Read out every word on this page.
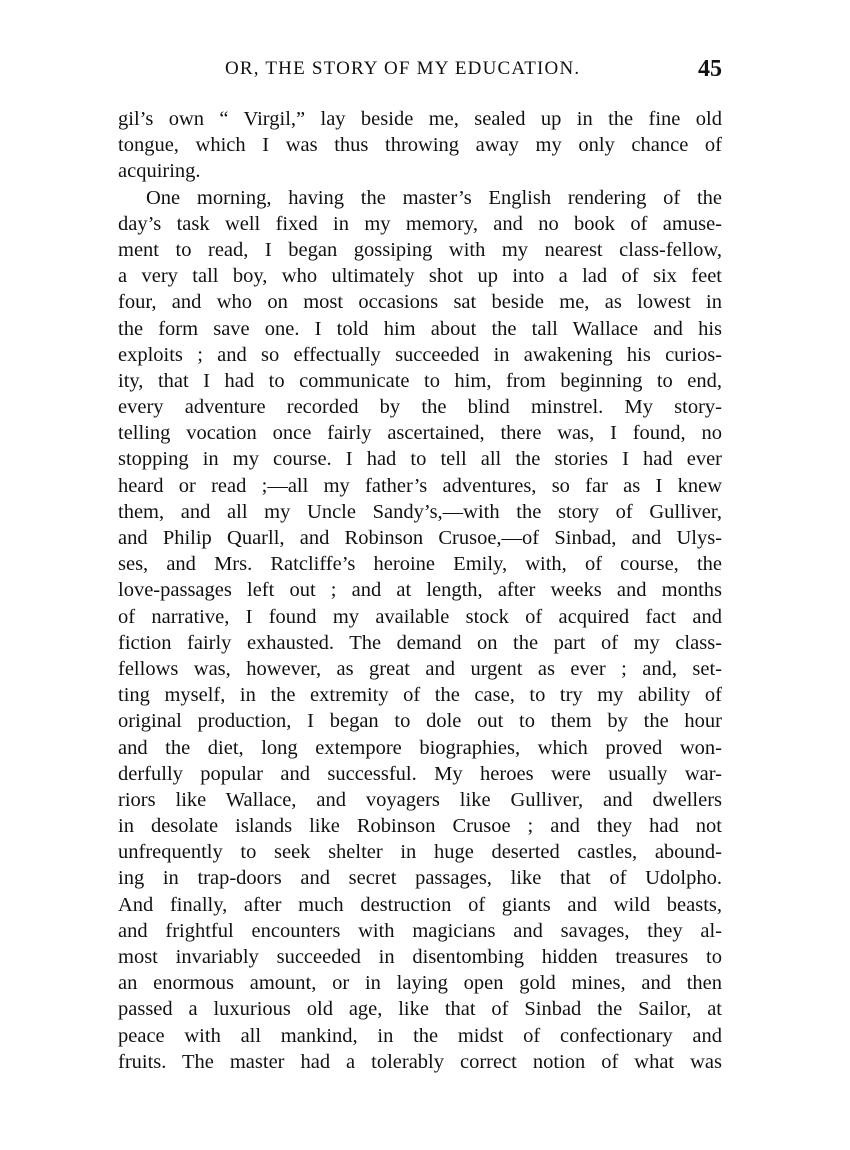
OR, THE STORY OF MY EDUCATION.	45
gil’s own “ Virgil,” lay beside me, sealed up in the fine old
tongue, which I was thus throwing away my only chance of
acquiring.
One morning, having the master’s English rendering of the
day’s task well fixed in my memory, and no book of amuse-
ment to read, I began gossiping with my nearest class-fellow,
a very tall boy, who ultimately shot up into a lad of six feet
four, and who on most occasions sat beside me, as lowest in
the form save one. I told him about the tall Wallace and his
exploits ; and so effectually succeeded in awakening his curios-
ity, that I had to communicate to him, from beginning to end,
every adventure recorded by the blind minstrel. My story-
telling vocation once fairly ascertained, there was, I found, no
stopping in my course. I had to tell all the stories I had ever
heard or read ;—all my father’s adventures, so far as I knew
them, and all my Uncle Sandy’s,—with the story of Gulliver,
and Philip Quarll, and Robinson Crusoe,—of Sinbad, and Ulys-
ses, and Mrs. Ratcliffe’s heroine Emily, with, of course, the
love-passages left out ; and at length, after weeks and months
of narrative, I found my available stock of acquired fact and
fiction fairly exhausted. The demand on the part of my class-
fellows was, however, as great and urgent as ever ; and, set-
ting myself, in the extremity of the case, to try my ability of
original production, I began to dole out to them by the hour
and the diet, long extempore biographies, which proved won-
derfully popular and successful. My heroes were usually war-
riors like Wallace, and voyagers like Gulliver, and dwellers
in desolate islands like Robinson Crusoe ; and they had not
unfrequently to seek shelter in huge deserted castles, abound-
ing in trap-doors and secret passages, like that of Udolpho.
And finally, after much destruction of giants and wild beasts,
and frightful encounters with magicians and savages, they al-
most invariably succeeded in disentombing hidden treasures to
an enormous amount, or in laying open gold mines, and then
passed a luxurious old age, like that of Sinbad the Sailor, at
peace with all mankind, in the midst of confectionary and
fruits. The master had a tolerably correct notion of what was
